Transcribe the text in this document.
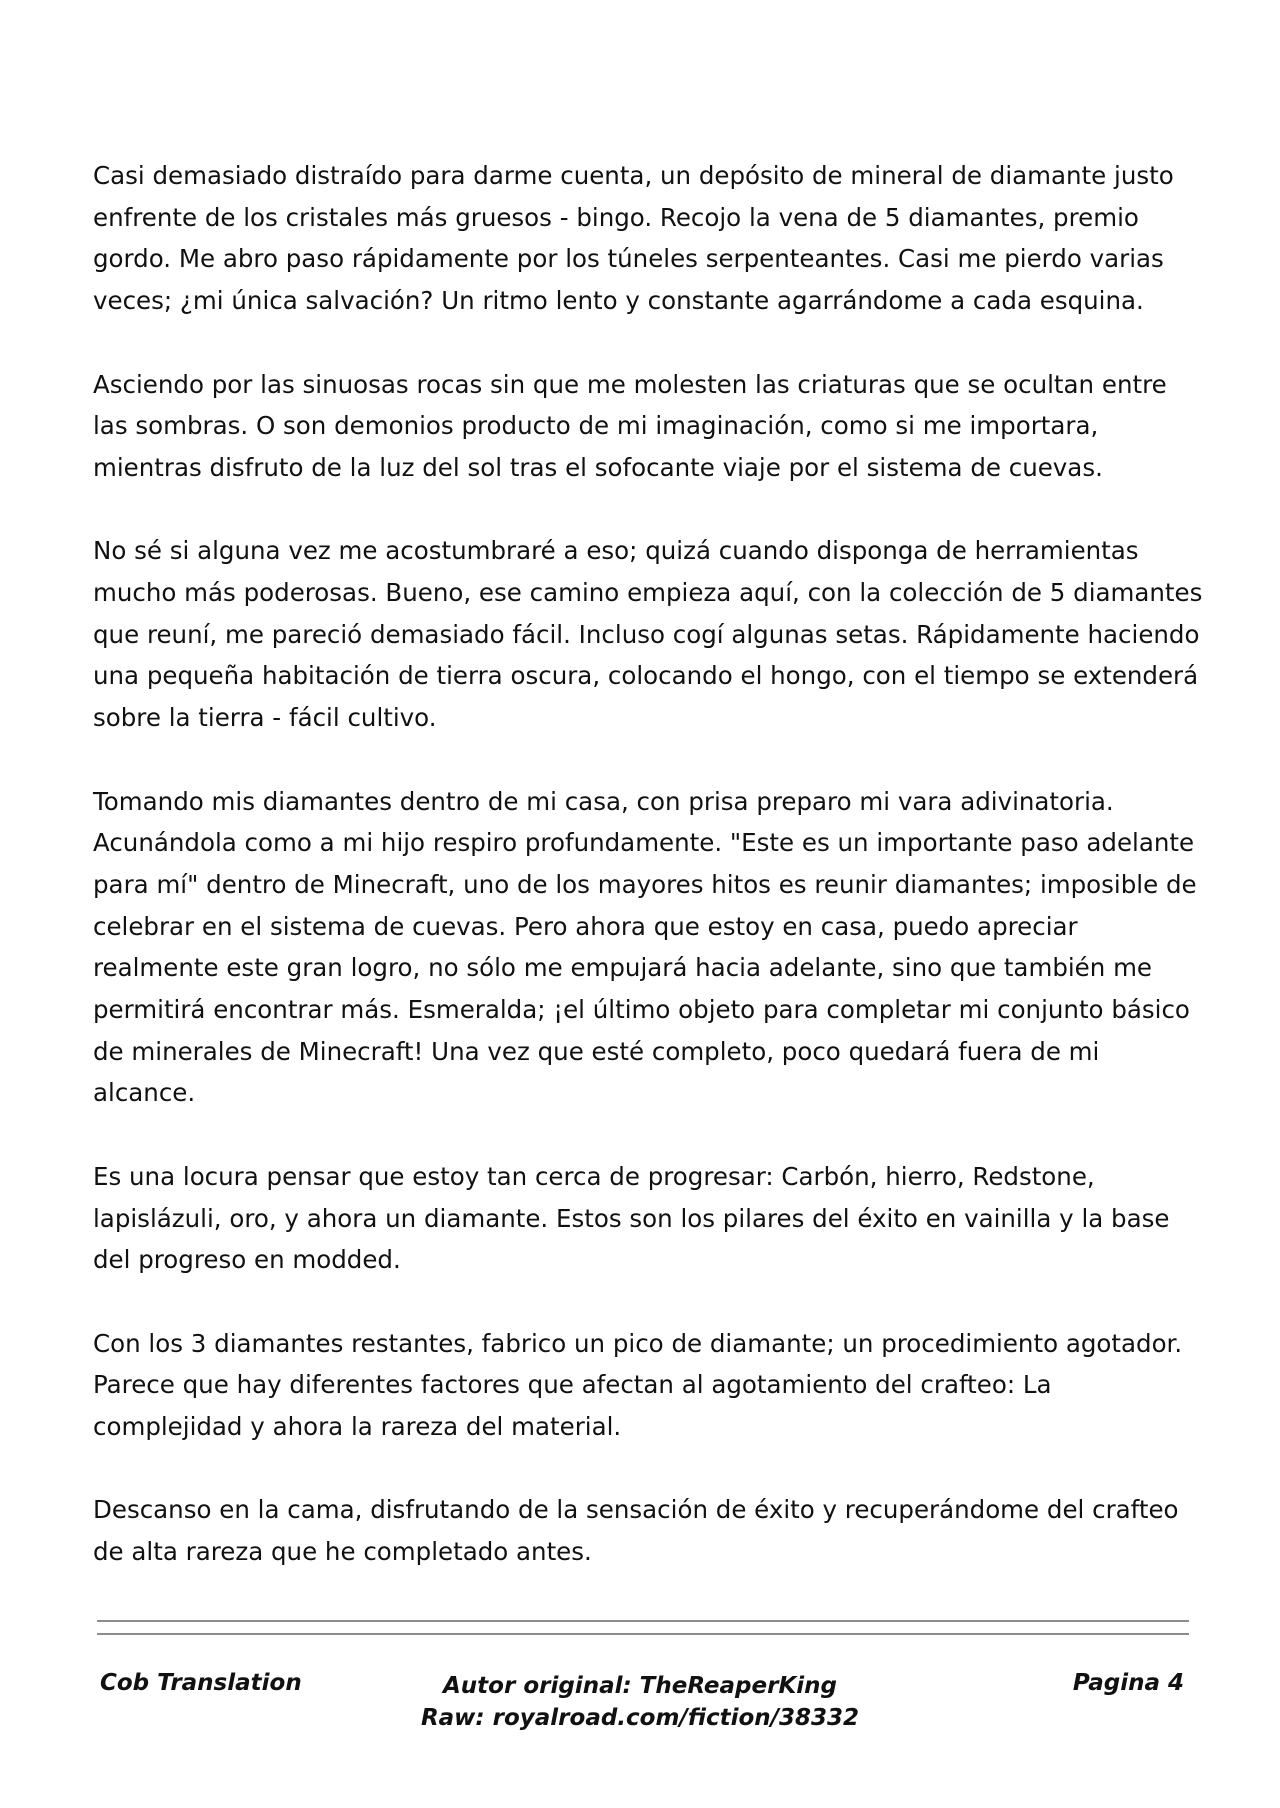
Casi demasiado distraído para darme cuenta, un depósito de mineral de diamante justo enfrente de los cristales más gruesos - bingo. Recojo la vena de 5 diamantes, premio gordo. Me abro paso rápidamente por los túneles serpenteantes. Casi me pierdo varias veces; ¿mi única salvación? Un ritmo lento y constante agarrándome a cada esquina.

Asciendo por las sinuosas rocas sin que me molesten las criaturas que se ocultan entre las sombras. O son demonios producto de mi imaginación, como si me importara, mientras disfruto de la luz del sol tras el sofocante viaje por el sistema de cuevas.

No sé si alguna vez me acostumbraré a eso; quizá cuando disponga de herramientas mucho más poderosas. Bueno, ese camino empieza aquí, con la colección de 5 diamantes que reuní, me pareció demasiado fácil. Incluso cogí algunas setas. Rápidamente haciendo una pequeña habitación de tierra oscura, colocando el hongo, con el tiempo se extenderá sobre la tierra - fácil cultivo.

Tomando mis diamantes dentro de mi casa, con prisa preparo mi vara adivinatoria. Acunándola como a mi hijo respiro profundamente. "Este es un importante paso adelante para mí" dentro de Minecraft, uno de los mayores hitos es reunir diamantes; imposible de celebrar en el sistema de cuevas. Pero ahora que estoy en casa, puedo apreciar realmente este gran logro, no sólo me empujará hacia adelante, sino que también me permitirá encontrar más. Esmeralda; ¡el último objeto para completar mi conjunto básico de minerales de Minecraft! Una vez que esté completo, poco quedará fuera de mi alcance.

Es una locura pensar que estoy tan cerca de progresar: Carbón, hierro, Redstone, lapislázuli, oro, y ahora un diamante. Estos son los pilares del éxito en vainilla y la base del progreso en modded.

Con los 3 diamantes restantes, fabrico un pico de diamante; un procedimiento agotador. Parece que hay diferentes factores que afectan al agotamiento del crafteo: La complejidad y ahora la rareza del material.

Descanso en la cama, disfrutando de la sensación de éxito y recuperándome del crafteo de alta rareza que he completado antes.

Cob Translation	Autor original: TheReaperKing
Raw: royalroad.com/fiction/38332
Pagina 4
